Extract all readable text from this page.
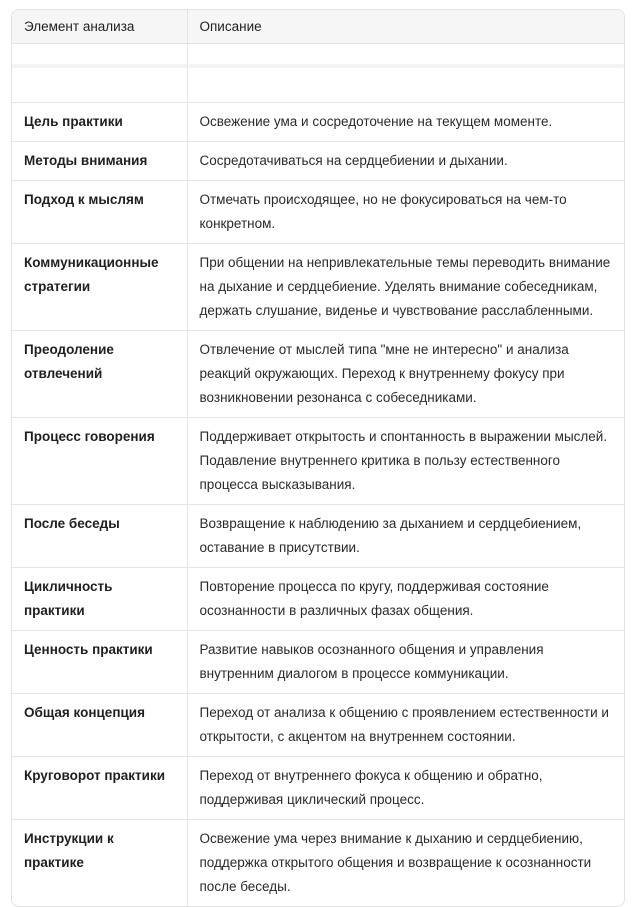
Элемент анализа	Описание

Цель практики	Освежение ума и сосредоточение на текущем моменте.
Методы внимания	Сосредотачиваться на сердцебиении и дыхании.
Подход к мыслям	Отмечать происходящее, но не фокусироваться на чем-то конкретном.
Коммуникационные стратегии	При общении на непривлекательные темы переводить внимание на дыхание и сердцебиение. Уделять внимание собеседникам, держать слушание, виденье и чувствование расслабленными.
Преодоление отвлечений	Отвлечение от мыслей типа "мне не интересно" и анализа реакций окружающих. Переход к внутреннему фокусу при возникновении резонанса с собеседниками.
Процесс говорения	Поддерживает открытость и спонтанность в выражении мыслей. Подавление внутреннего критика в пользу естественного процесса высказывания.
После беседы	Возвращение к наблюдению за дыханием и сердцебиением, оставание в присутствии.
Цикличность практики	Повторение процесса по кругу, поддерживая состояние осознанности в различных фазах общения.
Ценность практики	Развитие навыков осознанного общения и управления внутренним диалогом в процессе коммуникации.
Общая концепция	Переход от анализа к общению с проявлением естественности и открытости, с акцентом на внутреннем состоянии.
Круговорот практики	Переход от внутреннего фокуса к общению и обратно, поддерживая циклический процесс.
Инструкции к практике	Освежение ума через внимание к дыханию и сердцебиению, поддержка открытого общения и возвращение к осознанности после беседы.
